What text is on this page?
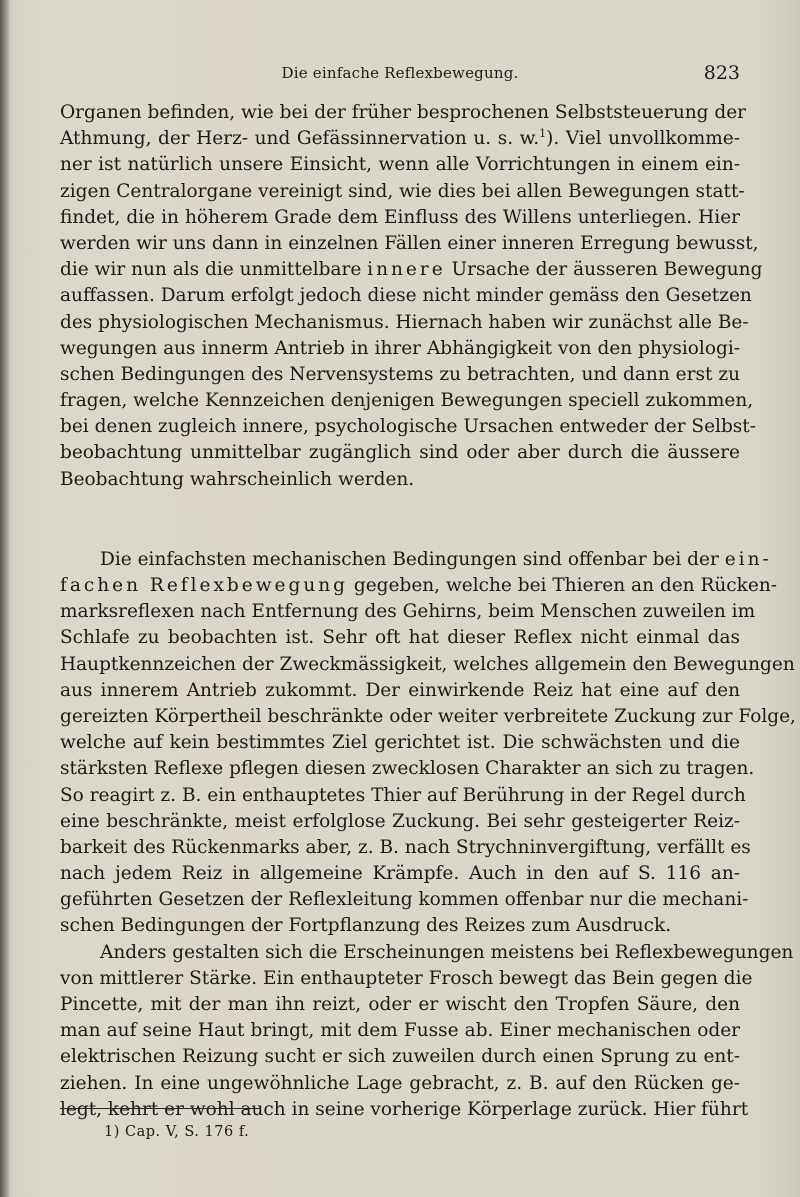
Die einfache Reflexbewegung.	823
Organen befinden, wie bei der früher besprochenen Selbststeuerung der
Athmung, der Herz- und Gefässinnervation u. s. w.$^1$). Viel unvollkomme-
ner ist natürlich unsere Einsicht, wenn alle Vorrichtungen in einem ein-
zigen Centralorgane vereinigt sind, wie dies bei allen Bewegungen statt-
findet, die in höherem Grade dem Einfluss des Willens unterliegen. Hier
werden wir uns dann in einzelnen Fällen einer inneren Erregung bewusst,
die wir nun als die unmittelbare innere Ursache der äusseren Bewegung
auffassen. Darum erfolgt jedoch diese nicht minder gemäss den Gesetzen
des physiologischen Mechanismus. Hiernach haben wir zunächst alle Be-
wegungen aus innerm Antrieb in ihrer Abhängigkeit von den physiologi-
schen Bedingungen des Nervensystems zu betrachten, und dann erst zu
fragen, welche Kennzeichen denjenigen Bewegungen speciell zukommen,
bei denen zugleich innere, psychologische Ursachen entweder der Selbst-
beobachtung unmittelbar zugänglich sind oder aber durch die äussere
Beobachtung wahrscheinlich werden.
Die einfachsten mechanischen Bedingungen sind offenbar bei der ein-
fachen Reflexbewegung gegeben, welche bei Thieren an den Rücken-
marksreflexen nach Entfernung des Gehirns, beim Menschen zuweilen im
Schlafe zu beobachten ist. Sehr oft hat dieser Reflex nicht einmal das
Hauptkennzeichen der Zweckmässigkeit, welches allgemein den Bewegungen
aus innerem Antrieb zukommt. Der einwirkende Reiz hat eine auf den
gereizten Körpertheil beschränkte oder weiter verbreitete Zuckung zur Folge,
welche auf kein bestimmtes Ziel gerichtet ist. Die schwächsten und die
stärksten Reflexe pflegen diesen zwecklosen Charakter an sich zu tragen.
So reagirt z. B. ein enthauptetes Thier auf Berührung in der Regel durch
eine beschränkte, meist erfolglose Zuckung. Bei sehr gesteigerter Reiz-
barkeit des Rückenmarks aber, z. B. nach Strychninvergiftung, verfällt es
nach jedem Reiz in allgemeine Krämpfe. Auch in den auf S. 116 an-
geführten Gesetzen der Reflexleitung kommen offenbar nur die mechani-
schen Bedingungen der Fortpflanzung des Reizes zum Ausdruck.
Anders gestalten sich die Erscheinungen meistens bei Reflexbewegungen
von mittlerer Stärke. Ein enthaupteter Frosch bewegt das Bein gegen die
Pincette, mit der man ihn reizt, oder er wischt den Tropfen Säure, den
man auf seine Haut bringt, mit dem Fusse ab. Einer mechanischen oder
elektrischen Reizung sucht er sich zuweilen durch einen Sprung zu ent-
ziehen. In eine ungewöhnliche Lage gebracht, z. B. auf den Rücken ge-
legt, kehrt er wohl auch in seine vorherige Körperlage zurück. Hier führt
1) Cap. V, S. 176 f.
